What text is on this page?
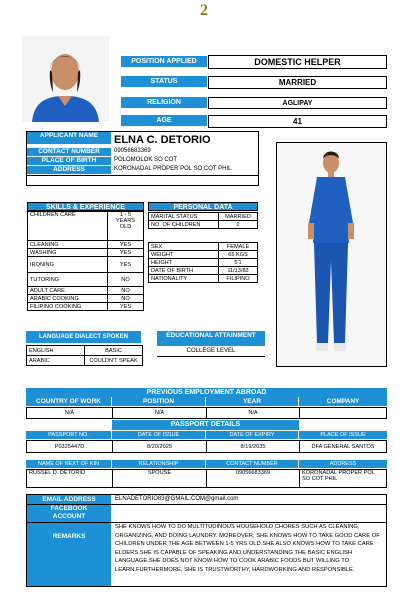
2
POSITION APPLIED	DOMESTIC HELPER
STATUS	MARRIED
RELIGION	AGLIPAY
AGE	41
APPLICANT NAME	ELNA C. DETORIO
CONTACT NUMBER	09056683369
PLACE OF BIRTH	POLOMOLOK SO COT
ADDRESS	KORONADAL PROPER POL SO COT PHIL
SKILLS & EXPERIENCE
CHILDREN CARE	1 - 5 YEARS OLD
CLEANING	YES
WASHING	YES
IRONING	YES
TUTORING	NO
ADULT CARE	NO
ARABIC COOKING	NO
FILIPINO COOKING	YES
PERSONAL DATA
MARITAL STATUS	MARRIED
NO. OF CHILDREN	2

SEX	FEMALE
WEIGHT	65 KGS
HEIGHT	5'1
DATE OF BIRTH	11/13/83
NATIONALITY	FILIPINO
LANGUAGE DIALECT SPOKEN
ENGLISH	BASIC
ARABIC	COULDN'T SPEAK
EDUCATIONAL ATTAINMENT
COLLEGE LEVEL
PREVIOUS EMPLOYMENT ABROAD
COUNTRY OF WORK	POSITION	YEAR	COMPANY
N/A	N/A	N/A	
PASSPORT DETAILS
PASSPORT NO.	DATE OF ISSUE	DATE OF EXPIRY	PLACE OF ISSUE
P0325447D	8/20/2025	8/19/2035	DFA GENERAL SANTOS
NAME OF NEXT OF KIN	RELATIONSHIP	CONTACT NUMBER	ADDRESS
RUSSEL D. DETORIO	SPOUSE	09056683369	KORONADAL PROPER POL SO COT PHIL
EMAIL ADDRESS	ELNADETORIO83@GMAIL.COM@gmail.com
FACEBOOK ACCOUNT
REMARKS
SHE KNOWS HOW TO DO MULTITUDINOUS HOUSEHOLD CHORES SUCH AS CLEANING, ORGANIZING, AND DOING LAUNDRY. MOREOVER, SHE KNOWS HOW TO TAKE GOOD CARE OF CHILDREN UNDER THE AGE BETWEEN 1-5 YRS OLD.SHE ALSO KNOWS HOW TO TAKE CARE ELDERS.SHE IS CAPABLE OF SPEAKING AND UNDERSTANDING THE BASIC ENGLISH LANGUAGE.SHE DOES NOT KNOW HOW TO COOK ARABIC FOODS BUT WILLING TO LEARN.FURTHERMORE, SHE IS TRUSTWORTHY, HARDWORKING AND RESPONSIBLE.
